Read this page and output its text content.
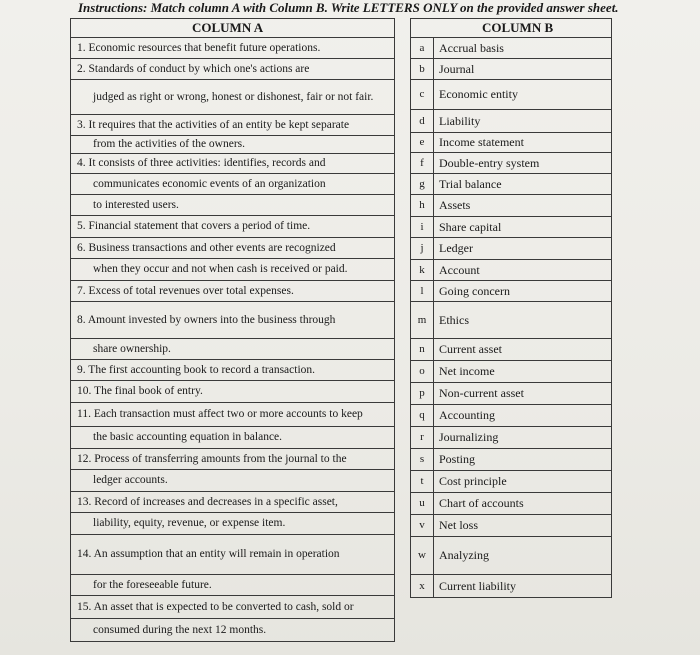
Instructions: Match column A with Column B. Write LETTERS ONLY on the provided answer sheet.
COLUMN A	COLUMN B
1. Economic resources that benefit future operations.
2. Standards of conduct by which one's actions are
judged as right or wrong, honest or dishonest, fair or not fair.
3. It requires that the activities of an entity be kept separate
from the activities of the owners.
4. It consists of three activities: identifies, records and
communicates economic events of an organization
to interested users.
5. Financial statement that covers a period of time.
6. Business transactions and other events are recognized
when they occur and not when cash is received or paid.
7. Excess of total revenues over total expenses.
8. Amount invested by owners into the business through
share ownership.
9. The first accounting book to record a transaction.
10. The final book of entry.
11. Each transaction must affect two or more accounts to keep
the basic accounting equation in balance.
12. Process of transferring amounts from the journal to the
ledger accounts.
13. Record of increases and decreases in a specific asset,
liability, equity, revenue, or expense item.
14. An assumption that an entity will remain in operation
for the foreseeable future.
15. An asset that is expected to be converted to cash, sold or
consumed during the next 12 months.
a	Accrual basis
b	Journal
c	Economic entity
d	Liability
e	Income statement
f	Double-entry system
g	Trial balance
h	Assets
i	Share capital
j	Ledger
k	Account
l	Going concern
m	Ethics
n	Current asset
o	Net income
p	Non-current asset
q	Accounting
r	Journalizing
s	Posting
t	Cost principle
u	Chart of accounts
v	Net loss
w	Analyzing
x	Current liability
